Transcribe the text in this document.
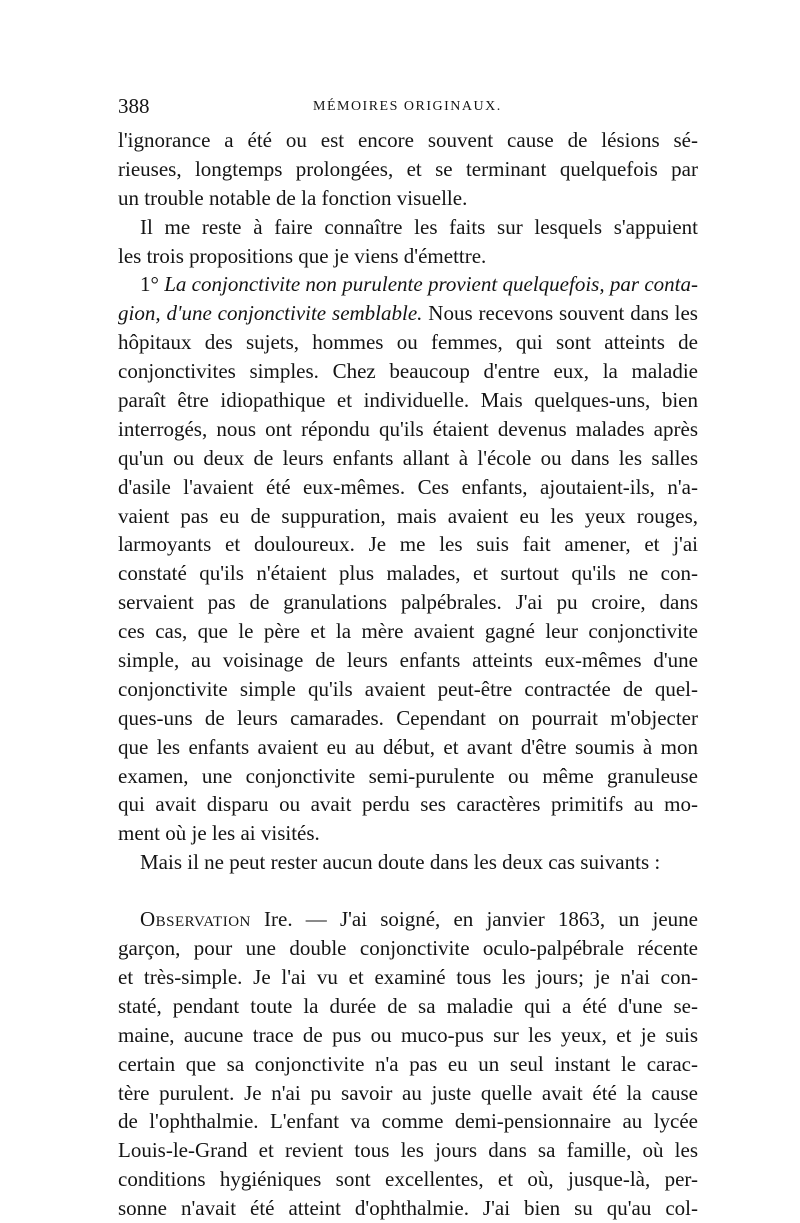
388	MÉMOIRES ORIGINAUX.
l'ignorance a été ou est encore souvent cause de lésions sé-
rieuses, longtemps prolongées, et se terminant quelquefois par
un trouble notable de la fonction visuelle.
Il me reste à faire connaître les faits sur lesquels s'appuient
les trois propositions que je viens d'émettre.
1° La conjonctivite non purulente provient quelquefois, par conta-
gion, d'une conjonctivite semblable. Nous recevons souvent dans les
hôpitaux des sujets, hommes ou femmes, qui sont atteints de
conjonctivites simples. Chez beaucoup d'entre eux, la maladie
paraît être idiopathique et individuelle. Mais quelques-uns, bien
interrogés, nous ont répondu qu'ils étaient devenus malades après
qu'un ou deux de leurs enfants allant à l'école ou dans les salles
d'asile l'avaient été eux-mêmes. Ces enfants, ajoutaient-ils, n'a-
vaient pas eu de suppuration, mais avaient eu les yeux rouges,
larmoyants et douloureux. Je me les suis fait amener, et j'ai
constaté qu'ils n'étaient plus malades, et surtout qu'ils ne con-
servaient pas de granulations palpébrales. J'ai pu croire, dans
ces cas, que le père et la mère avaient gagné leur conjonctivite
simple, au voisinage de leurs enfants atteints eux-mêmes d'une
conjonctivite simple qu'ils avaient peut-être contractée de quel-
ques-uns de leurs camarades. Cependant on pourrait m'objecter
que les enfants avaient eu au début, et avant d'être soumis à mon
examen, une conjonctivite semi-purulente ou même granuleuse
qui avait disparu ou avait perdu ses caractères primitifs au mo-
ment où je les ai visités.
Mais il ne peut rester aucun doute dans les deux cas suivants :
Observation Ire. — J'ai soigné, en janvier 1863, un jeune
garçon, pour une double conjonctivite oculo-palpébrale récente
et très-simple. Je l'ai vu et examiné tous les jours; je n'ai con-
staté, pendant toute la durée de sa maladie qui a été d'une se-
maine, aucune trace de pus ou muco-pus sur les yeux, et je suis
certain que sa conjonctivite n'a pas eu un seul instant le carac-
tère purulent. Je n'ai pu savoir au juste quelle avait été la cause
de l'ophthalmie. L'enfant va comme demi-pensionnaire au lycée
Louis-le-Grand et revient tous les jours dans sa famille, où les
conditions hygiéniques sont excellentes, et où, jusque-là, per-
sonne n'avait été atteint d'ophthalmie. J'ai bien su qu'au col-
